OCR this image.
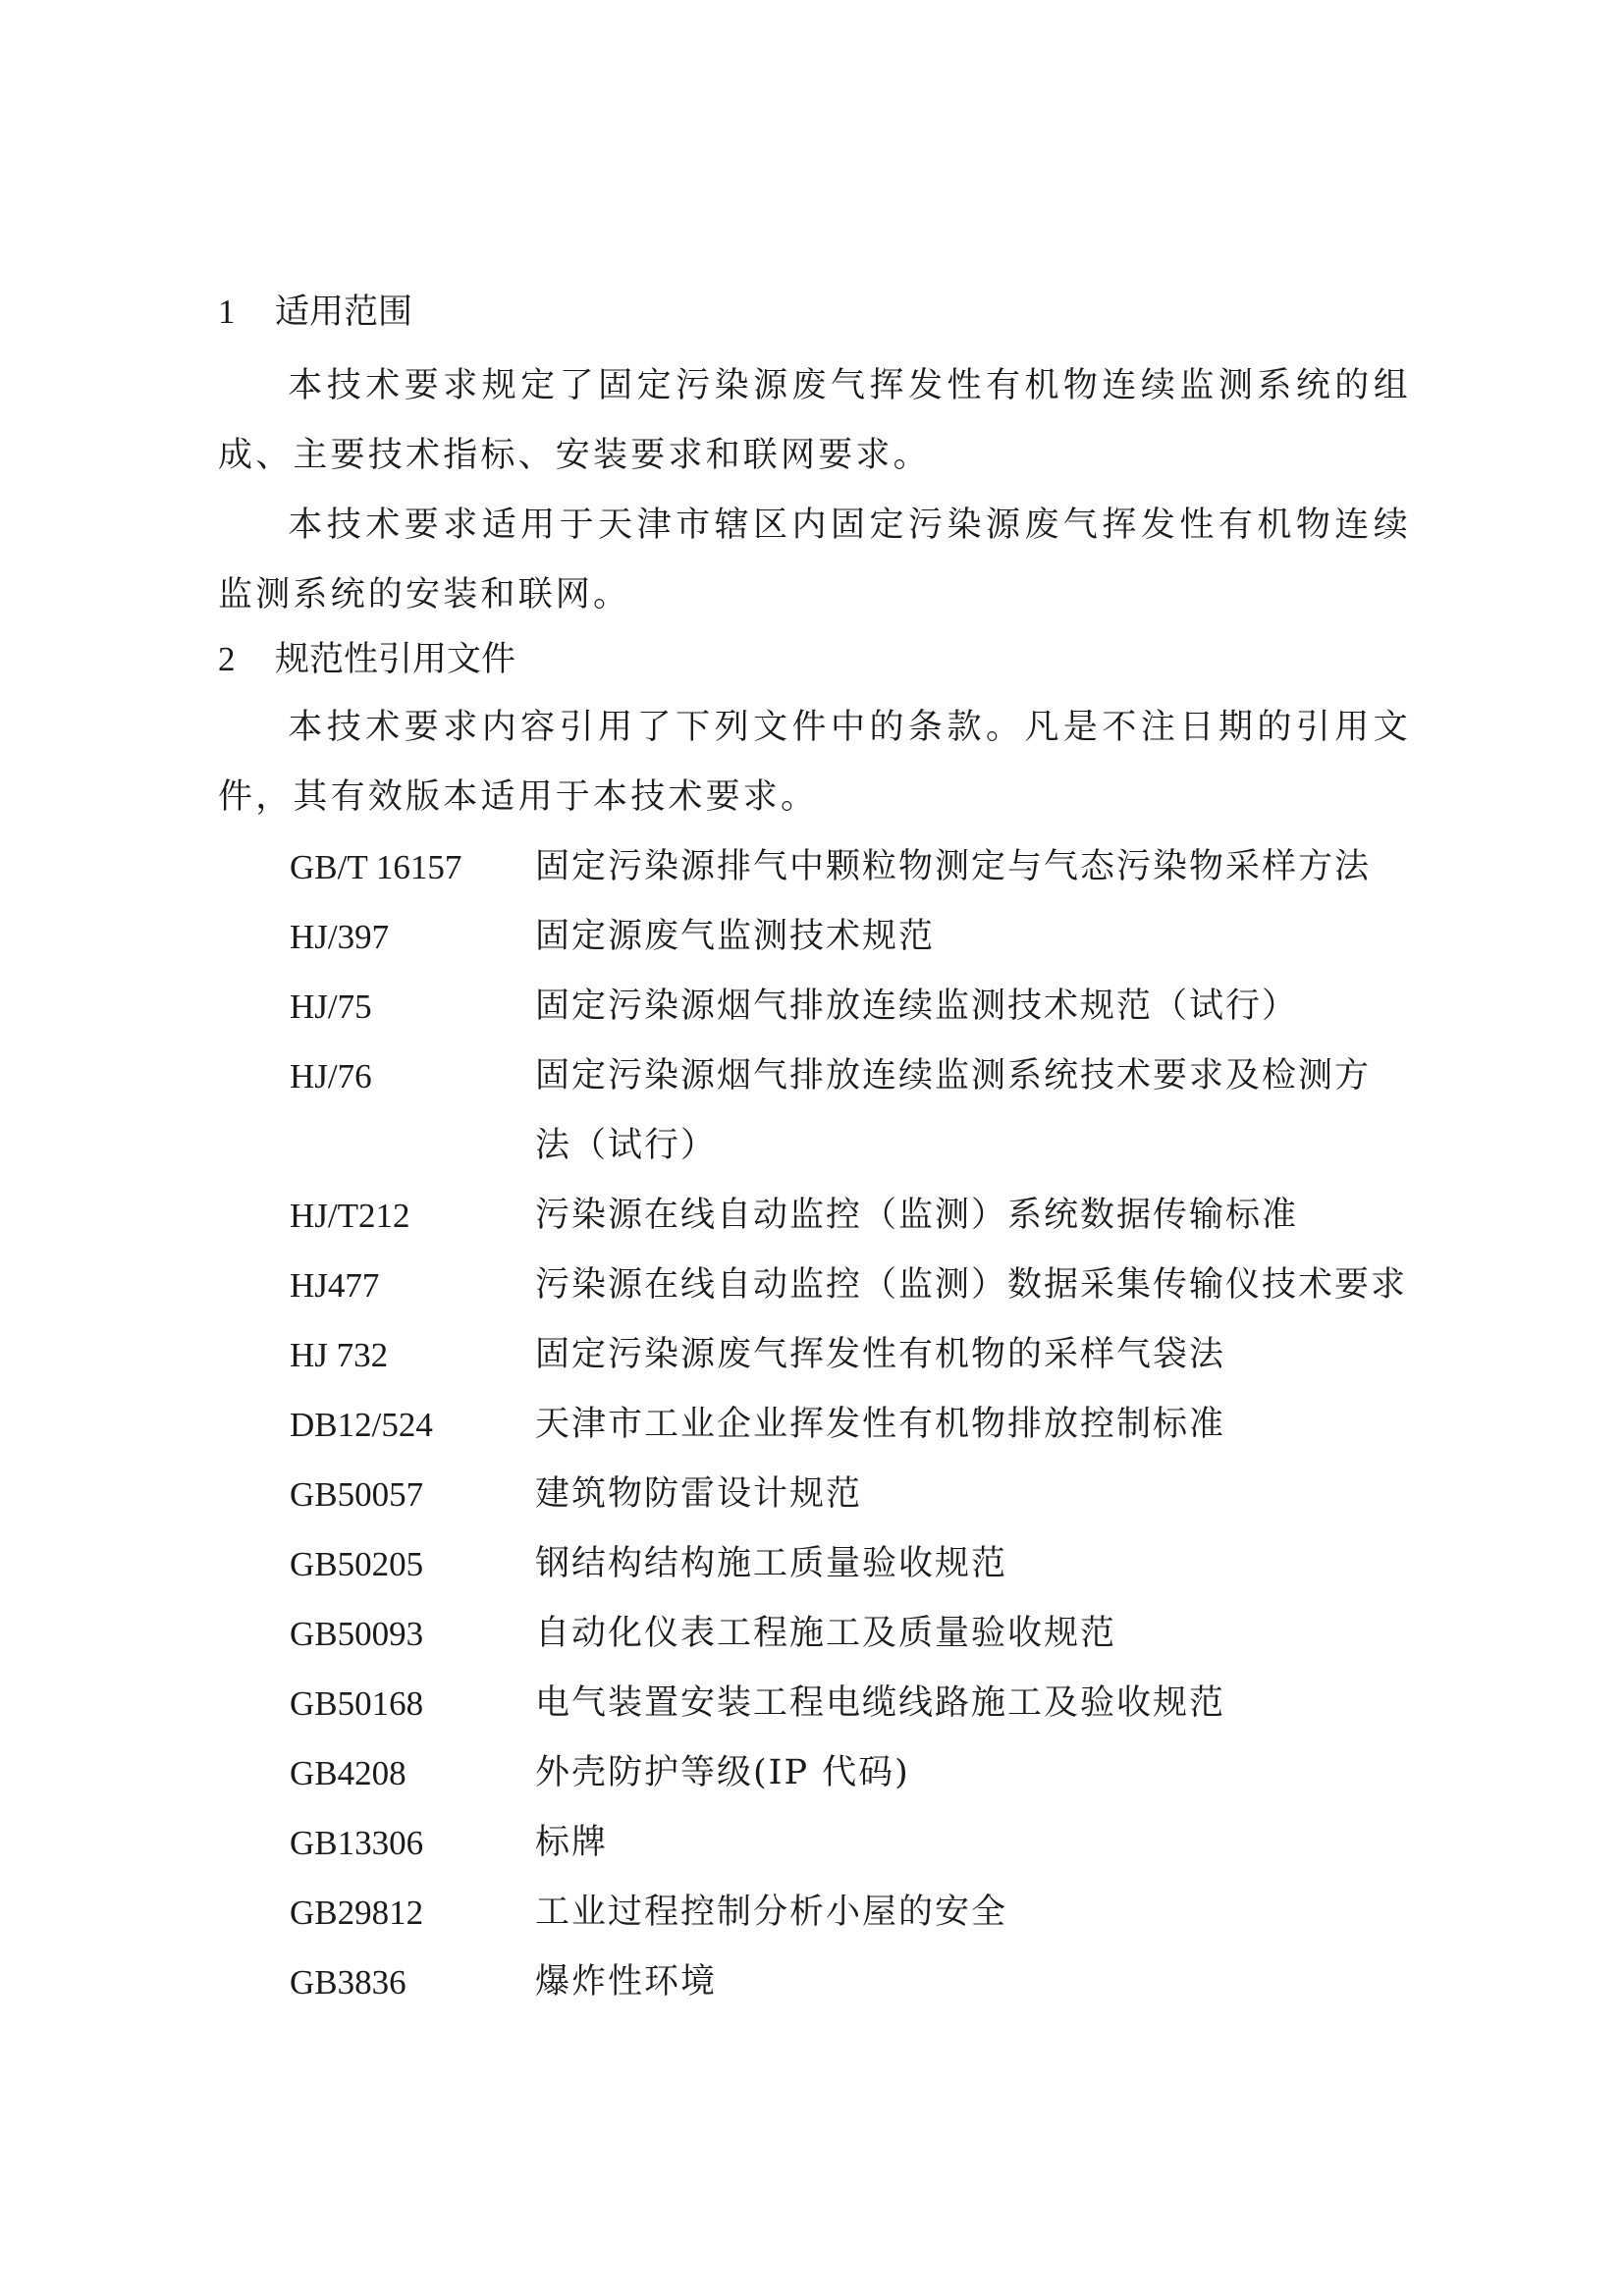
1 适用范围
本技术要求规定了固定污染源废气挥发性有机物连续监测系统的组成、主要技术指标、安装要求和联网要求。
本技术要求适用于天津市辖区内固定污染源废气挥发性有机物连续监测系统的安装和联网。
2 规范性引用文件
本技术要求内容引用了下列文件中的条款。凡是不注日期的引用文件，其有效版本适用于本技术要求。
GB/T 16157	固定污染源排气中颗粒物测定与气态污染物采样方法
HJ/397	固定源废气监测技术规范
HJ/75	固定污染源烟气排放连续监测技术规范（试行）
HJ/76	固定污染源烟气排放连续监测系统技术要求及检测方法（试行）
HJ/T212	污染源在线自动监控（监测）系统数据传输标准
HJ477	污染源在线自动监控（监测）数据采集传输仪技术要求
HJ 732	固定污染源废气挥发性有机物的采样气袋法
DB12/524	天津市工业企业挥发性有机物排放控制标准
GB50057	建筑物防雷设计规范
GB50205	钢结构结构施工质量验收规范
GB50093	自动化仪表工程施工及质量验收规范
GB50168	电气装置安装工程电缆线路施工及验收规范
GB4208	外壳防护等级(IP 代码)
GB13306	标牌
GB29812	工业过程控制分析小屋的安全
GB3836	爆炸性环境
